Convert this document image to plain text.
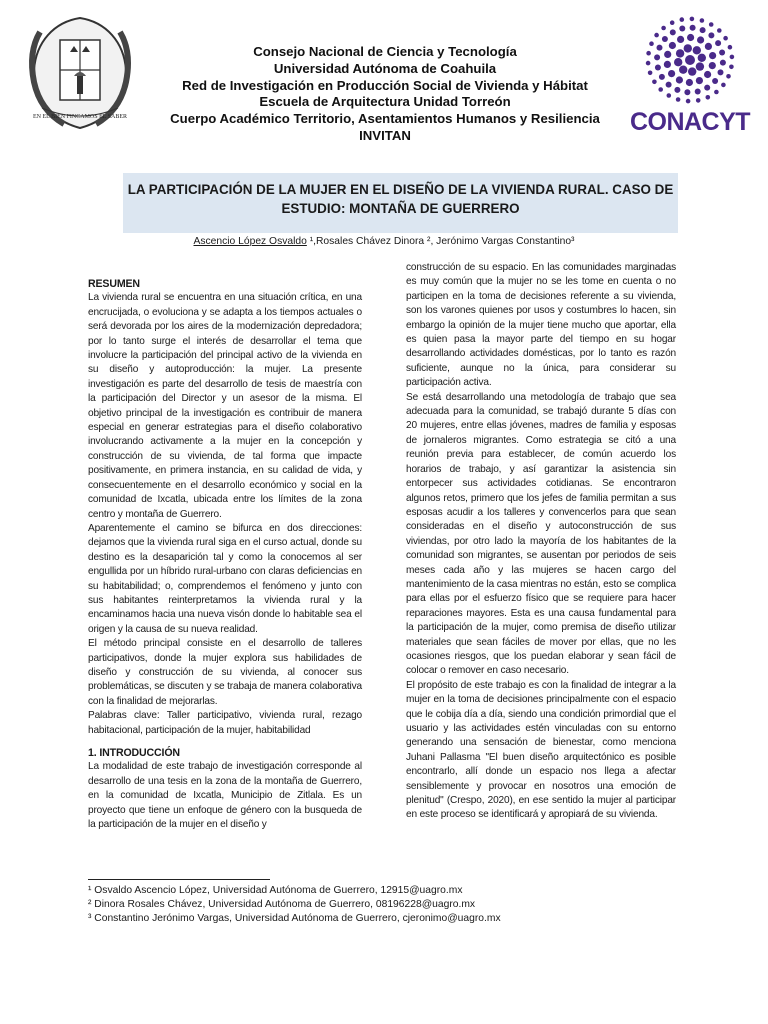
EN EL BIEN FINCAMOS EL SABER
Consejo Nacional de Ciencia y Tecnología
Universidad Autónoma de Coahuila
Red de Investigación en Producción Social de Vivienda y Hábitat
Escuela de Arquitectura Unidad Torreón
Cuerpo Académico Territorio, Asentamientos Humanos y Resiliencia
INVITAN	CONACYT
LA PARTICIPACIÓN DE LA MUJER EN EL DISEÑO DE LA VIVIENDA RURAL. CASO DE
ESTUDIO: MONTAÑA DE GUERRERO
Ascencio López Osvaldo ¹,Rosales Chávez Dinora ², Jerónimo Vargas Constantino³
RESUMEN

La vivienda rural se encuentra en una situación crítica, en una encrucijada, o evoluciona y se adapta a los tiempos actuales o será devorada por los aires de la modernización depredadora; por lo tanto surge el interés de desarrollar el tema que involucre la participación del principal activo de la vivienda en su diseño y autoproducción: la mujer. La presente investigación es parte del desarrollo de tesis de maestría con la participación del Director y un asesor de la misma. El objetivo principal de la investigación es contribuir de manera especial en generar estrategias para el diseño colaborativo involucrando activamente a la mujer en la concepción y construcción de su vivienda, de tal forma que impacte positivamente, en primera instancia, en su calidad de vida, y consecuentemente en el desarrollo económico y social en la comunidad de Ixcatla, ubicada entre los límites de la zona centro y montaña de Guerrero.

Aparentemente el camino se bifurca en dos direcciones: dejamos que la vivienda rural siga en el curso actual, donde su destino es la desaparición tal y como la conocemos al ser engullida por un híbrido rural-urbano con claras deficiencias en su habitabilidad; o, comprendemos el fenómeno y junto con sus habitantes reinterpretamos la vivienda rural y la encaminamos hacia una nueva visón donde lo habitable sea el origen y la causa de su nueva realidad.

El método principal consiste en el desarrollo de talleres participativos, donde la mujer explora sus habilidades de diseño y construcción de su vivienda, al conocer sus problemáticas, se discuten y se trabaja de manera colaborativa con la finalidad de mejorarlas.

Palabras clave: Taller participativo, vivienda rural, rezago habitacional, participación de la mujer, habitabilidad

1. INTRODUCCIÓN

La modalidad de este trabajo de investigación corresponde al desarrollo de una tesis en la zona de la montaña de Guerrero, en la comunidad de Ixcatla, Municipio de Zitlala. Es un proyecto que tiene un enfoque de género con la busqueda de la participación de la mujer en el diseño y

construcción de su espacio. En las comunidades marginadas es muy común que la mujer no se les tome en cuenta o no participen en la toma de decisiones referente a su vivienda, son los varones quienes por usos y costumbres lo hacen, sin embargo la opinión de la mujer tiene mucho que aportar, ella es quien pasa la mayor parte del tiempo en su hogar desarrollando actividades domésticas, por lo tanto es razón suficiente, aunque no la única, para considerar su participación activa.

Se está desarrollando una metodología de trabajo que sea adecuada para la comunidad, se trabajó durante 5 días con 20 mujeres, entre ellas jóvenes, madres de familia y esposas de jornaleros migrantes. Como estrategia se citó a una reunión previa para establecer, de común acuerdo los horarios de trabajo, y así garantizar la asistencia sin entorpecer sus actividades cotidianas. Se encontraron algunos retos, primero que los jefes de familia permitan a sus esposas acudir a los talleres y convencerlos para que sean consideradas en el diseño y autoconstrucción de sus viviendas, por otro lado la mayoría de los habitantes de la comunidad son migrantes, se ausentan por periodos de seis meses cada año y las mujeres se hacen cargo del mantenimiento de la casa mientras no están, esto se complica para ellas por el esfuerzo físico que se requiere para hacer reparaciones mayores. Esta es una causa fundamental para la participación de la mujer, como premisa de diseño utilizar materiales que sean fáciles de mover por ellas, que no les ocasiones riesgos, que los puedan elaborar y sean fácil de colocar o remover en caso necesario.

El propósito de este trabajo es con la finalidad de integrar a la mujer en la toma de decisiones principalmente con el espacio que le cobija día a día, siendo una condición primordial que el usuario y las actividades estén vinculadas con su entorno generando una sensación de bienestar, como menciona Juhani Pallasma "El buen diseño arquitectónico es posible encontrarlo, allí donde un espacio nos llega a afectar sensiblemente y provocar en nosotros una emoción de plenitud" (Crespo, 2020), en ese sentido la mujer al participar en este proceso se identificará y apropiará de su vivienda.

¹ Osvaldo Ascencio López, Universidad Autónoma de Guerrero, 12915@uagro.mx
² Dinora Rosales Chávez, Universidad Autónoma de Guerrero, 08196228@uagro.mx
³ Constantino Jerónimo Vargas, Universidad Autónoma de Guerrero, cjeronimo@uagro.mx
